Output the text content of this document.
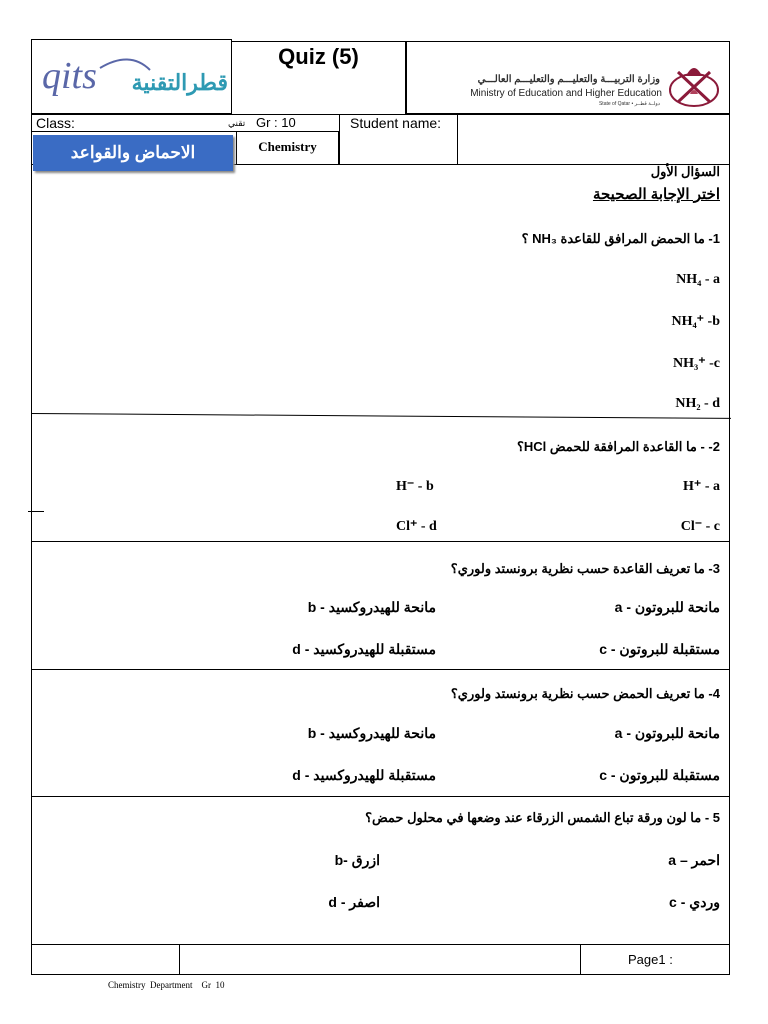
qits	قطرالتقنية
Quiz (5)
وزارة التربيـــة والتعليـــم والتعليـــم العالـــي
Ministry of Education and Higher Education
State of Qatar • دولــة قطــر
Class:	Gr : 10
تقني	Student name:
Chemistry
الاحماض والقواعد
السؤال الأول
اختر الإجابة الصحيحة
1- ما الحمض المرافق للقاعدة NH₃ ؟
NH₄ - a
NH₄⁺ -b
NH₃⁺ -c
NH₂ - d
2- - ما القاعدة المرافقة للحمض HCl؟
H⁺ - a
H⁻ - b
Cl⁻ - c
Cl⁺ - d
3- ما تعريف القاعدة حسب نظرية برونستد ولوري؟
a - مانحة للبروتون
b - مانحة للهيدروكسيد
c - مستقبلة للبروتون
d - مستقبلة للهيدروكسيد
4- ما تعريف الحمض حسب نظرية برونستد ولوري؟
a - مانحة للبروتون
b - مانحة للهيدروكسيد
c - مستقبلة للبروتون
d - مستقبلة للهيدروكسيد
5 - ما لون ورقة تباع الشمس الزرقاء عند وضعها في محلول حمض؟
a – احمر
b- ازرق
c - وردي
d - اصفر
Page1 :
Chemistry  Department    Gr  10
